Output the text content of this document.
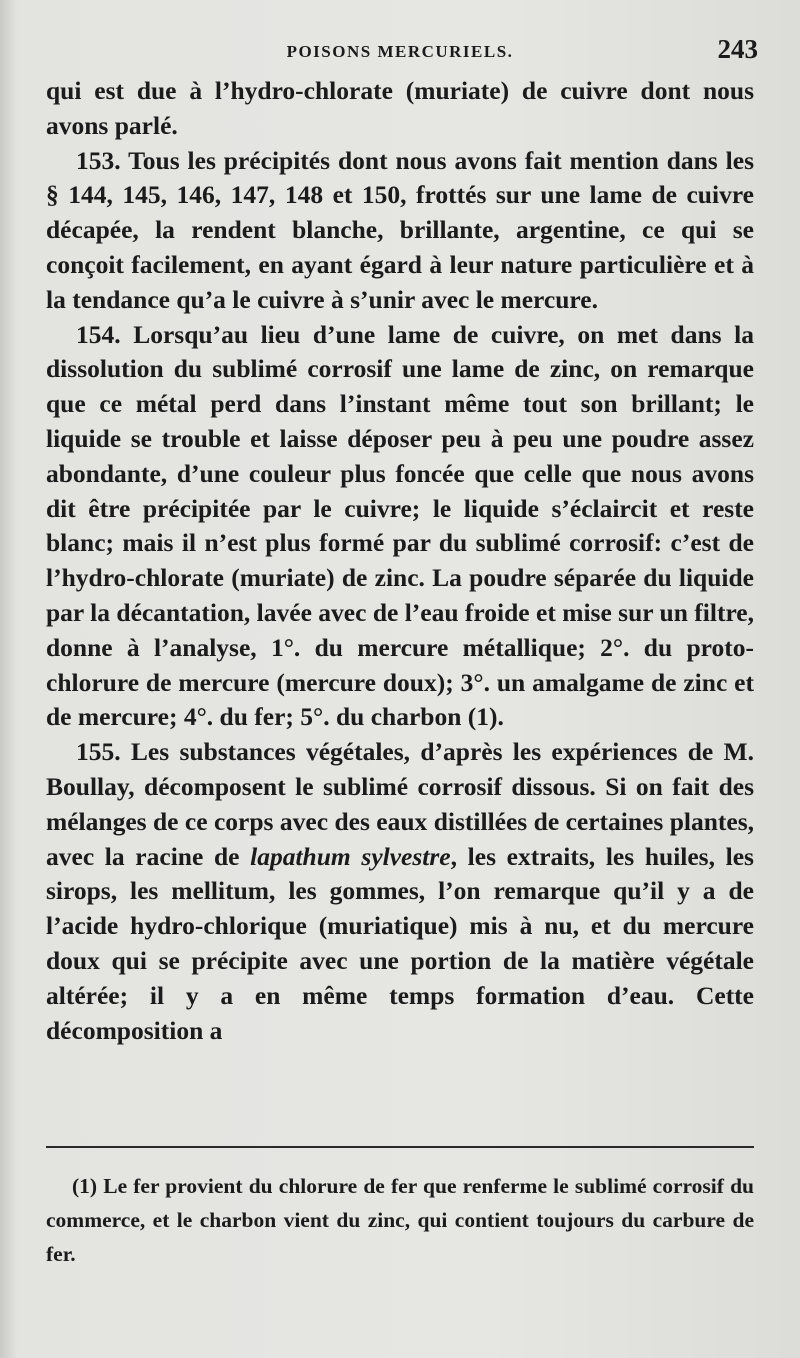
POISONS MERCURIELS.	243

qui est due à l’hydro-chlorate (muriate) de cuivre dont nous avons parlé.

153. Tous les précipités dont nous avons fait mention dans les § 144, 145, 146, 147, 148 et 150, frottés sur une lame de cuivre décapée, la rendent blanche, brillante, argentine, ce qui se conçoit facilement, en ayant égard à leur nature particulière et à la tendance qu’a le cuivre à s’unir avec le mercure.

154. Lorsqu’au lieu d’une lame de cuivre, on met dans la dissolution du sublimé corrosif une lame de zinc, on remarque que ce métal perd dans l’instant même tout son brillant; le liquide se trouble et laisse déposer peu à peu une poudre assez abondante, d’une couleur plus foncée que celle que nous avons dit être précipitée par le cuivre; le liquide s’éclaircit et reste blanc; mais il n’est plus formé par du sublimé corrosif: c’est de l’hydro-chlorate (muriate) de zinc. La poudre séparée du liquide par la décantation, lavée avec de l’eau froide et mise sur un filtre, donne à l’analyse, 1°. du mercure métallique; 2°. du proto-chlorure de mercure (mercure doux); 3°. un amalgame de zinc et de mercure; 4°. du fer; 5°. du charbon (1).

155. Les substances végétales, d’après les expériences de M. Boullay, décomposent le sublimé corrosif dissous. Si on fait des mélanges de ce corps avec des eaux distillées de certaines plantes, avec la racine de lapathum sylvestre, les extraits, les huiles, les sirops, les mellitum, les gommes, l’on remarque qu’il y a de l’acide hydro-chlorique (muriatique) mis à nu, et du mercure doux qui se précipite avec une portion de la matière végétale altérée; il y a en même temps formation d’eau. Cette décomposition a

(1) Le fer provient du chlorure de fer que renferme le sublimé corrosif du commerce, et le charbon vient du zinc, qui contient toujours du carbure de fer.
